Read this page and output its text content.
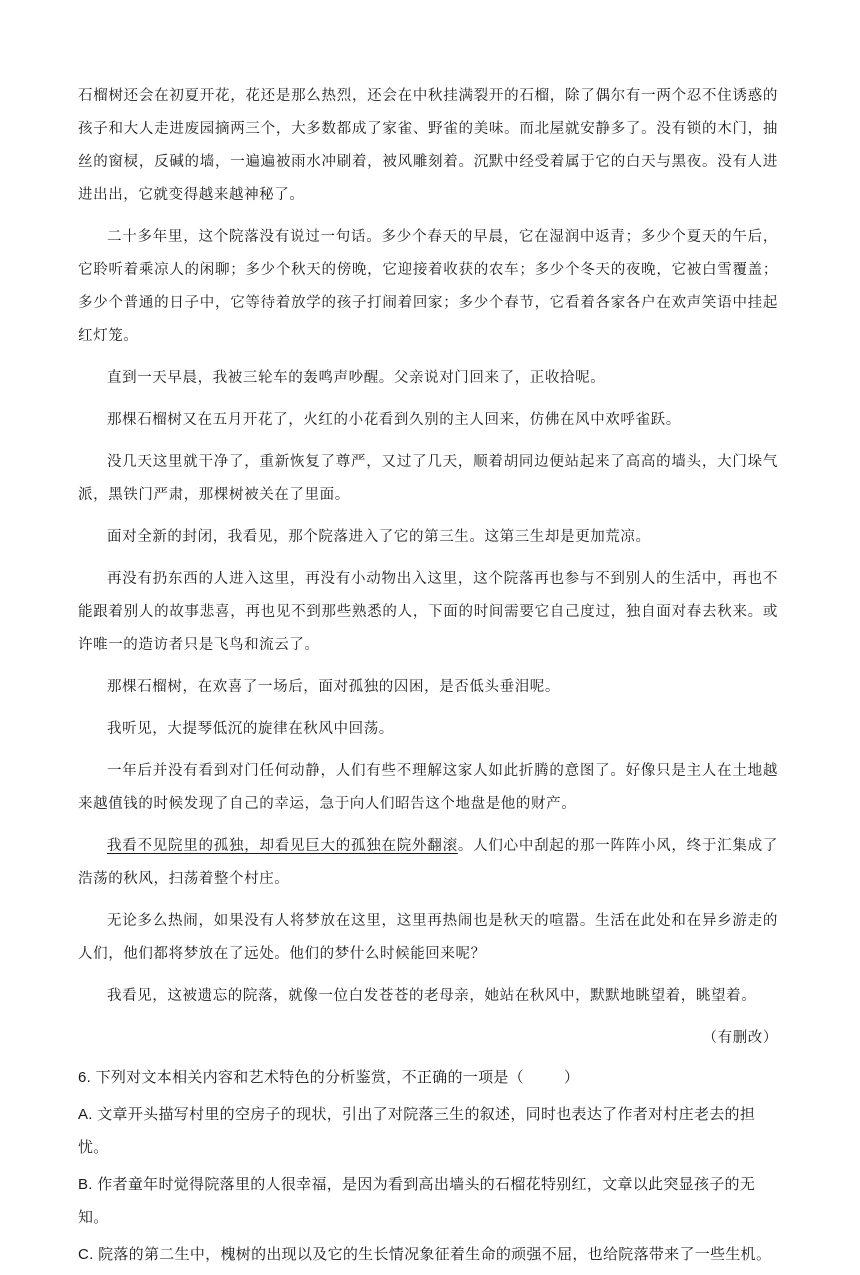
石榴树还会在初夏开花，花还是那么热烈，还会在中秋挂满裂开的石榴，除了偶尔有一两个忍不住诱惑的孩子和大人走进废园摘两三个，大多数都成了家雀、野雀的美味。而北屋就安静多了。没有锁的木门，抽丝的窗棂，反碱的墙，一遍遍被雨水冲刷着，被风雕刻着。沉默中经受着属于它的白天与黑夜。没有人进进出出，它就变得越来越神秘了。

二十多年里，这个院落没有说过一句话。多少个春天的早晨，它在湿润中返青；多少个夏天的午后，它聆听着乘凉人的闲聊；多少个秋天的傍晚，它迎接着收获的农车；多少个冬天的夜晚，它被白雪覆盖；多少个普通的日子中，它等待着放学的孩子打闹着回家；多少个春节，它看着各家各户在欢声笑语中挂起红灯笼。

直到一天早晨，我被三轮车的轰鸣声吵醒。父亲说对门回来了，正收拾呢。

那棵石榴树又在五月开花了，火红的小花看到久别的主人回来，仿佛在风中欢呼雀跃。

没几天这里就干净了，重新恢复了尊严，又过了几天，顺着胡同边便站起来了高高的墙头，大门垛气派，黑铁门严肃，那棵树被关在了里面。

面对全新的封闭，我看见，那个院落进入了它的第三生。这第三生却是更加荒凉。

再没有扔东西的人进入这里，再没有小动物出入这里，这个院落再也参与不到别人的生活中，再也不能跟着别人的故事悲喜，再也见不到那些熟悉的人，下面的时间需要它自己度过，独自面对春去秋来。或许唯一的造访者只是飞鸟和流云了。

那棵石榴树，在欢喜了一场后，面对孤独的囚困，是否低头垂泪呢。

我听见，大提琴低沉的旋律在秋风中回荡。

一年后并没有看到对门任何动静，人们有些不理解这家人如此折腾的意图了。好像只是主人在土地越来越值钱的时候发现了自己的幸运，急于向人们昭告这个地盘是他的财产。

我看不见院里的孤独，却看见巨大的孤独在院外翻滚。人们心中刮起的那一阵阵小风，终于汇集成了浩荡的秋风，扫荡着整个村庄。

无论多么热闹，如果没有人将梦放在这里，这里再热闹也是秋天的喧嚣。生活在此处和在异乡游走的人们，他们都将梦放在了远处。他们的梦什么时候能回来呢？

我看见，这被遗忘的院落，就像一位白发苍苍的老母亲，她站在秋风中，默默地眺望着，眺望着。

（有删改）

6. 下列对文本相关内容和艺术特色的分析鉴赏，不正确的一项是（	）

A. 文章开头描写村里的空房子的现状，引出了对院落三生的叙述，同时也表达了作者对村庄老去的担忧。

B. 作者童年时觉得院落里的人很幸福，是因为看到高出墙头的石榴花特别红，文章以此突显孩子的无知。

C. 院落的第二生中，槐树的出现以及它的生长情况象征着生命的顽强不屈，也给院落带来了一些生机。
